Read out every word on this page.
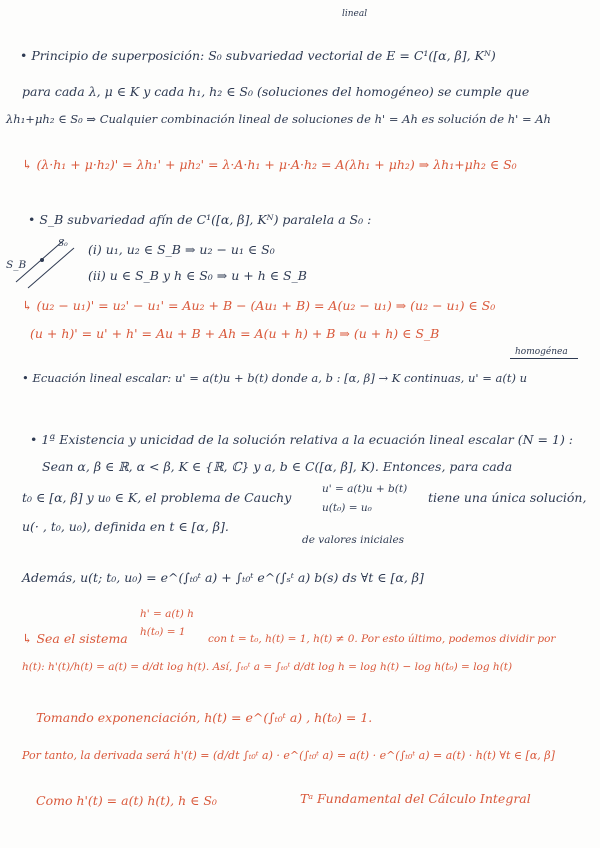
lineal
• Principio de superposición: S₀ subvariedad vectorial de E = C¹([α, β], Kᴺ)
para cada λ, μ ∈ K y cada h₁, h₂ ∈ S₀ (soluciones del homogéneo) se cumple que
λh₁+μh₂ ∈ S₀ ⇒ Cualquier combinación lineal de soluciones de h' = Ah es solución de h' = Ah
↳ (λ·h₁ + μ·h₂)' = λh₁' + μh₂' = λ·A·h₁ + μ·A·h₂ = A(λh₁ + μh₂) ⇒ λh₁+μh₂ ∈ S₀
• S_B subvariedad afín de C¹([α, β], Kᴺ) paralela a S₀ :
S_B
S₀ (i) u₁, u₂ ∈ S_B ⇒ u₂ − u₁ ∈ S₀
(ii) u ∈ S_B y h ∈ S₀ ⇒ u + h ∈ S_B
↳ (u₂ − u₁)' = u₂' − u₁' = Au₂ + B − (Au₁ + B) = A(u₂ − u₁) ⇒ (u₂ − u₁) ∈ S₀
(u + h)' = u' + h' = Au + B + Ah = A(u + h) + B ⇒ (u + h) ∈ S_B
homogénea
• Ecuación lineal escalar: u' = a(t)u + b(t) donde a, b : [α, β] → K continuas, u' = a(t) u
• 1ª Existencia y unicidad de la solución relativa a la ecuación lineal escalar (N = 1) :
Sean α, β ∈ ℝ, α < β, K ∈ {ℝ, ℂ} y a, b ∈ C([α, β], K). Entonces, para cada
t₀ ∈ [α, β] y u₀ ∈ K, el problema de Cauchy
u' = a(t)u + b(t)
u(t₀) = u₀
tiene una única solución,
u(· , t₀, u₀), definida en t ∈ [α, β].
de valores iniciales
Además, u(t; t₀, u₀) = e^(∫ₜ₀ᵗ a) + ∫ₜ₀ᵗ e^(∫ₛᵗ a) b(s) ds ∀t ∈ [α, β]
↳ Sea el sistema
h' = a(t) h
h(t₀) = 1
con t = t₀, h(t) = 1, h(t) ≠ 0. Por esto último, podemos dividir por
h(t): h'(t)/h(t) = a(t) = d/dt log h(t). Así, ∫ₜ₀ᵗ a = ∫ₜ₀ᵗ d/dt log h = log h(t) − log h(t₀) = log h(t)
Tomando exponenciación, h(t) = e^(∫ₜ₀ᵗ a) , h(t₀) = 1.
Por tanto, la derivada será h'(t) = (d/dt ∫ₜ₀ᵗ a) · e^(∫ₜ₀ᵗ a) = a(t) · e^(∫ₜ₀ᵗ a) = a(t) · h(t) ∀t ∈ [α, β]
Como h'(t) = a(t) h(t), h ∈ S₀	Tᵃ Fundamental del Cálculo Integral
